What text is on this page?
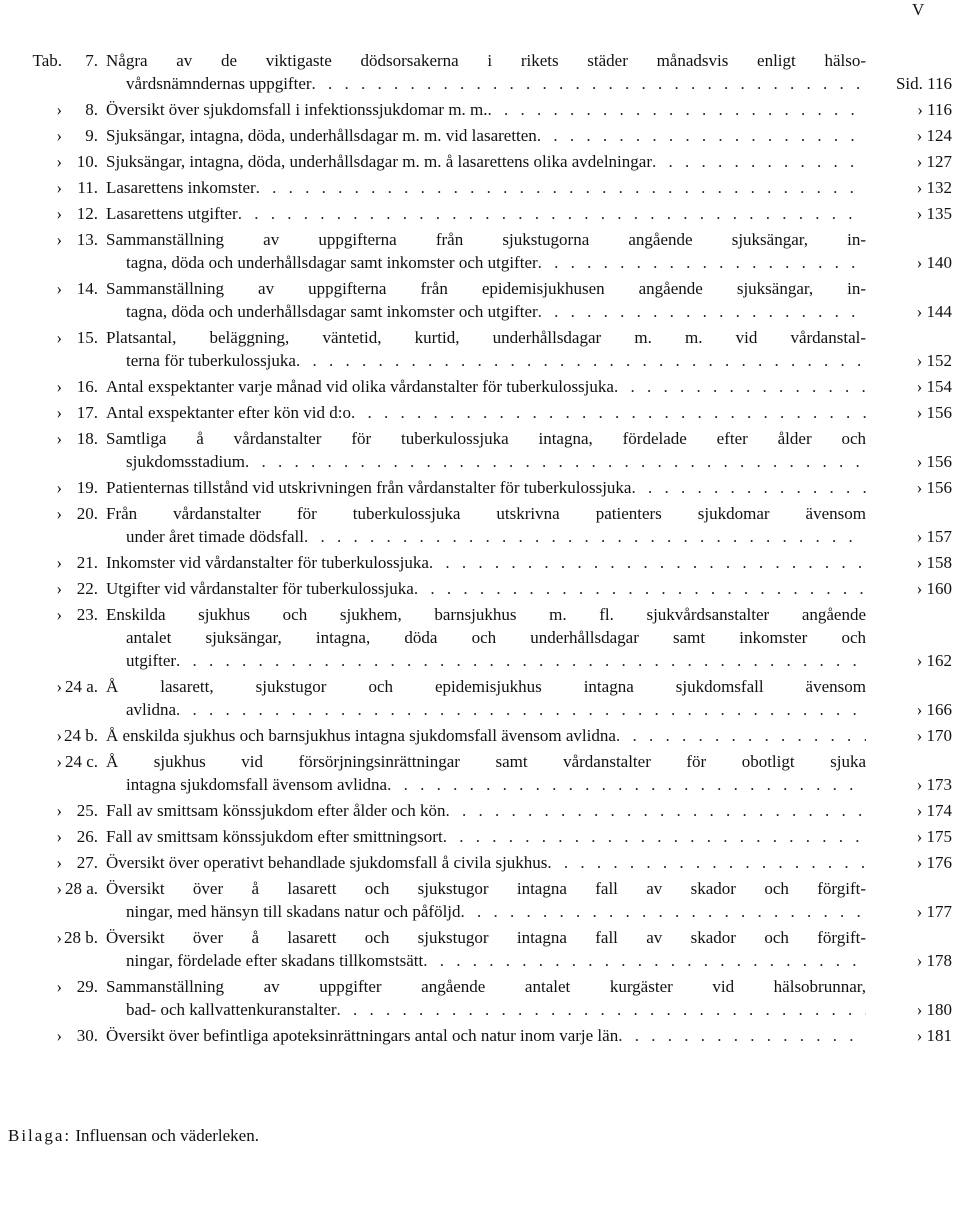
V
Tab.	7. Några av de viktigaste dödsorsakerna i rikets städer månadsvis enligt hälso-
vårdsnämndernas uppgifter . . .	Sid. 116
›	8. Översikt över sjukdomsfall i infektionssjukdomar m. m. . . .	› 116
›	9. Sjuksängar, intagna, döda, underhållsdagar m. m. vid lasaretten . . .	› 124
› 10. Sjuksängar, intagna, döda, underhållsdagar m. m. å lasarettens olika avdelningar . . .	› 127
› 11. Lasarettens inkomster . . .	› 132
› 12. Lasarettens utgifter . . .	› 135
› 13. Sammanställning av uppgifterna från sjukstugorna angående sjuksängar, in-
tagna, döda och underhållsdagar samt inkomster och utgifter . . .	› 140
› 14. Sammanställning av uppgifterna från epidemisjukhusen angående sjuksängar, in-
tagna, döda och underhållsdagar samt inkomster och utgifter . . .	› 144
› 15. Platsantal, beläggning, väntetid, kurtid, underhållsdagar m. m. vid vårdanstal-
terna för tuberkulossjuka . . .	› 152
› 16. Antal exspektanter varje månad vid olika vårdanstalter för tuberkulossjuka . . .	› 154
› 17. Antal exspektanter efter kön vid d:o . . .	› 156
› 18. Samtliga å vårdanstalter för tuberkulossjuka intagna, fördelade efter ålder och
sjukdomsstadium . . .	› 156
› 19. Patienternas tillstånd vid utskrivningen från vårdanstalter för tuberkulossjuka . . .	› 156
› 20. Från vårdanstalter för tuberkulossjuka utskrivna patienters sjukdomar ävensom
under året timade dödsfall . . .	› 157
› 21. Inkomster vid vårdanstalter för tuberkulossjuka . . .	› 158
› 22. Utgifter vid vårdanstalter för tuberkulossjuka . . .	› 160
› 23. Enskilda sjukhus och sjukhem, barnsjukhus m. fl. sjukvårdsanstalter angående
antalet sjuksängar, intagna, döda och underhållsdagar samt inkomster och
utgifter . . .	› 162
› 24 a. Å lasarett, sjukstugor och epidemisjukhus intagna sjukdomsfall ävensom
avlidna . . .	› 166
› 24 b. Å enskilda sjukhus och barnsjukhus intagna sjukdomsfall ävensom avlidna . . .	› 170
› 24 c. Å sjukhus vid försörjningsinrättningar samt vårdanstalter för obotligt sjuka
intagna sjukdomsfall ävensom avlidna . . .	› 173
› 25. Fall av smittsam könssjukdom efter ålder och kön . . .	› 174
› 26. Fall av smittsam könssjukdom efter smittningsort . . .	› 175
› 27. Översikt över operativt behandlade sjukdomsfall å civila sjukhus . . .	› 176
› 28 a. Översikt över å lasarett och sjukstugor intagna fall av skador och förgift-
ningar, med hänsyn till skadans natur och påföljd . . .	› 177
› 28 b. Översikt över å lasarett och sjukstugor intagna fall av skador och förgift-
ningar, fördelade efter skadans tillkomstsätt . . .	› 178
› 29. Sammanställning av uppgifter angående antalet kurgäster vid hälsobrunnar,
bad- och kallvattenkuranstalter . . .	› 180
› 30. Översikt över befintliga apoteksinrättningars antal och natur inom varje län . . .	› 181
Bilaga: Influensan och väderleken.
